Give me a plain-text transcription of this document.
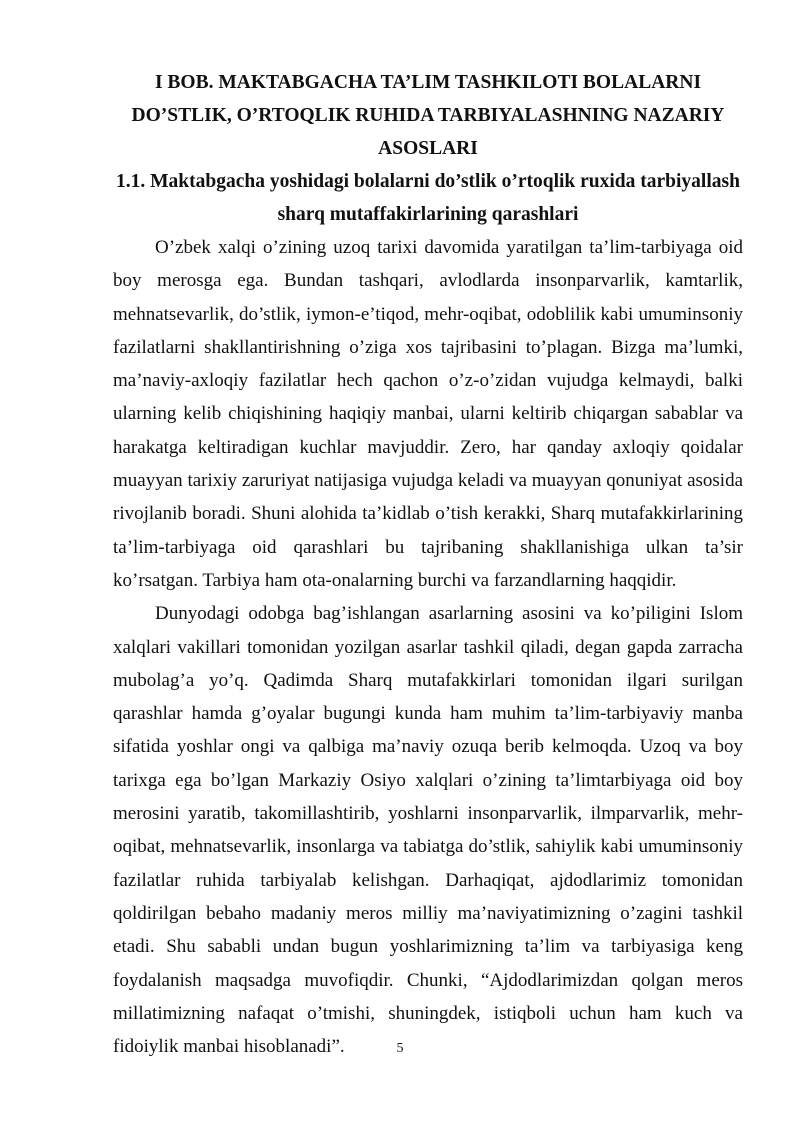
I BOB. MAKTABGACHA TA’LIM TASHKILOTI BOLALARNI DO’STLIK, O’RTOQLIK RUHIDA TARBIYALASHNING NAZARIY ASOSLARI
1.1. Maktabgacha yoshidagi bolalarni do’stlik o’rtoqlik ruxida tarbiyallash sharq mutaffakirlarining qarashlari

O’zbek xalqi o’zining uzoq tarixi davomida yaratilgan ta’lim-tarbiyaga oid boy merosga ega. Bundan tashqari, avlodlarda insonparvarlik, kamtarlik, mehnatsevarlik, do’stlik, iymon-e’tiqod, mehr-oqibat, odoblilik kabi umuminsoniy fazilatlarni shakllantirishning o’ziga xos tajribasini to’plagan. Bizga ma’lumki, ma’naviy-axloqiy fazilatlar hech qachon o’z-o’zidan vujudga kelmaydi, balki ularning kelib chiqishining haqiqiy manbai, ularni keltirib chiqargan sabablar va harakatga keltiradigan kuchlar mavjuddir. Zero, har qanday axloqiy qoidalar muayyan tarixiy zaruriyat natijasiga vujudga keladi va muayyan qonuniyat asosida rivojlanib boradi. Shuni alohida ta’kidlab o’tish kerakki, Sharq mutafakkirlarining ta’lim-tarbiyaga oid qarashlari bu tajribaning shakllanishiga ulkan ta’sir ko’rsatgan. Tarbiya ham ota-onalarning burchi va farzandlarning haqqidir.

Dunyodagi odobga bag’ishlangan asarlarning asosini va ko’piligini Islom xalqlari vakillari tomonidan yozilgan asarlar tashkil qiladi, degan gapda zarracha mubolag’a yo’q. Qadimda Sharq mutafakkirlari tomonidan ilgari surilgan qarashlar hamda g’oyalar bugungi kunda ham muhim ta’lim-tarbiyaviy manba sifatida yoshlar ongi va qalbiga ma’naviy ozuqa berib kelmoqda. Uzoq va boy tarixga ega bo’lgan Markaziy Osiyo xalqlari o’zining ta’limtarbiyaga oid boy merosini yaratib, takomillashtirib, yoshlarni insonparvarlik, ilmparvarlik, mehr-oqibat, mehnatsevarlik, insonlarga va tabiatga do’stlik, sahiylik kabi umuminsoniy fazilatlar ruhida tarbiyalab kelishgan. Darhaqiqat, ajdodlarimiz tomonidan qoldirilgan bebaho madaniy meros milliy ma’naviyatimizning o’zagini tashkil etadi. Shu sababli undan bugun yoshlarimizning ta’lim va tarbiyasiga keng foydalanish maqsadga muvofiqdir. Chunki, “Ajdodlarimizdan qolgan meros millatimizning nafaqat o’tmishi, shuningdek, istiqboli uchun ham kuch va fidoiylik manbai hisoblanadi”.	5
